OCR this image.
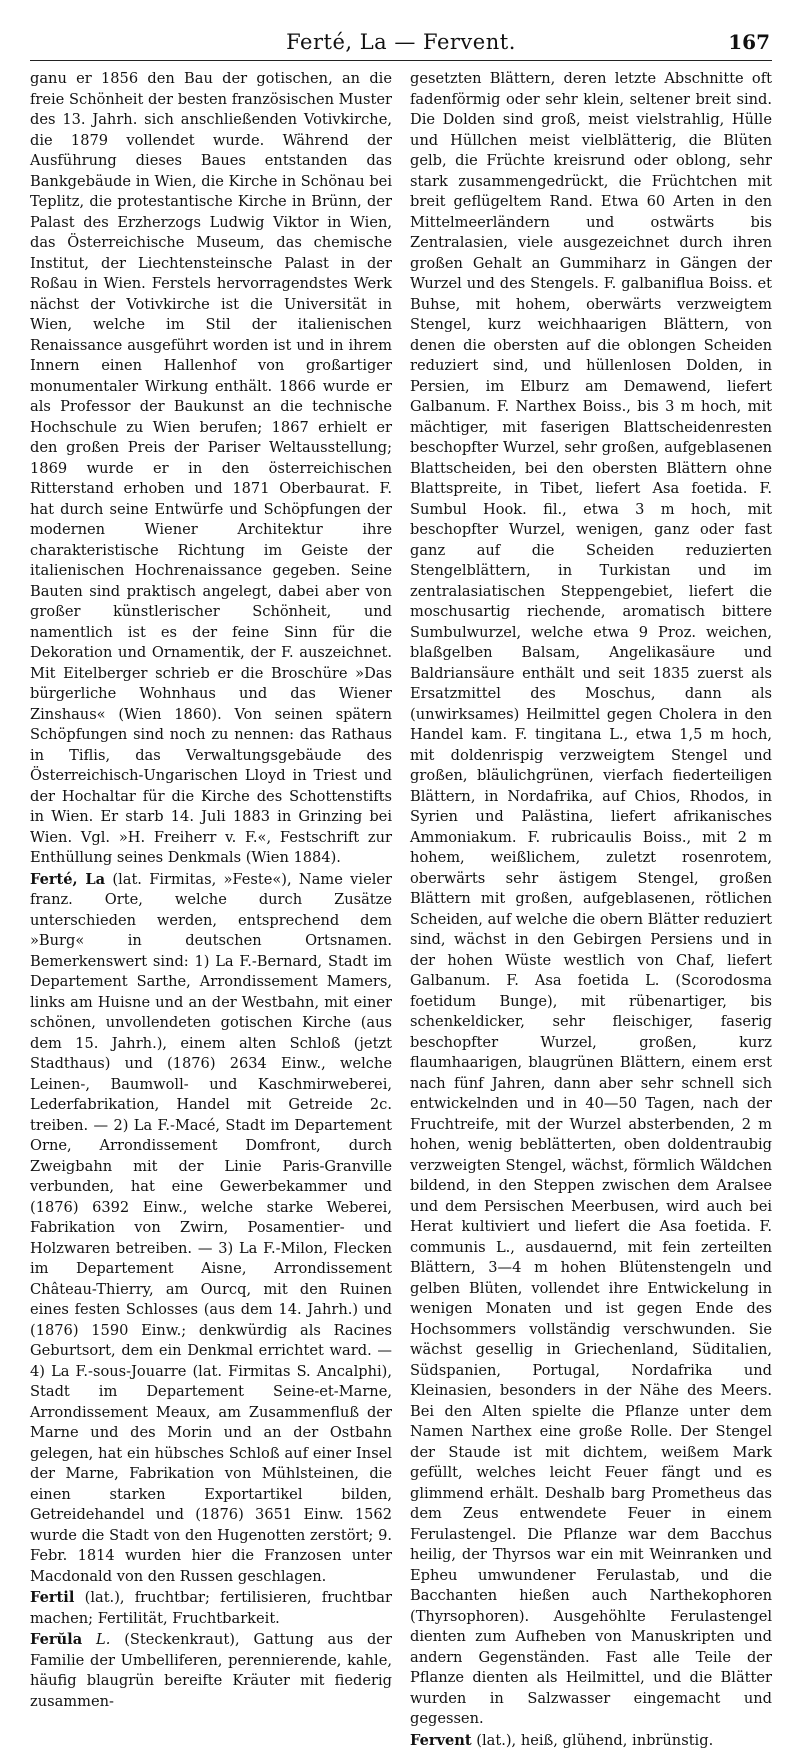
Ferté, La — Fervent.	167

ganu er 1856 den Bau der gotischen, an die freie Schönheit der besten französischen Muster des 13. Jahrh. sich anschließenden Votivkirche, die 1879 vollendet wurde. Während der Ausführung dieses Baues entstanden das Bankgebäude in Wien, die Kirche in Schönau bei Teplitz, die protestantische Kirche in Brünn, der Palast des Erzherzogs Ludwig Viktor in Wien, das Österreichische Museum, das chemische Institut, der Liechtensteinsche Palast in der Roßau in Wien. Ferstels hervorragendstes Werk nächst der Votivkirche ist die Universität in Wien, welche im Stil der italienischen Renaissance ausgeführt worden ist und in ihrem Innern einen Hallenhof von großartiger monumentaler Wirkung enthält. 1866 wurde er als Professor der Baukunst an die technische Hochschule zu Wien berufen; 1867 erhielt er den großen Preis der Pariser Weltausstellung; 1869 wurde er in den österreichischen Ritterstand erhoben und 1871 Oberbaurat. F. hat durch seine Entwürfe und Schöpfungen der modernen Wiener Architektur ihre charakteristische Richtung im Geiste der italienischen Hochrenaissance gegeben. Seine Bauten sind praktisch angelegt, dabei aber von großer künstlerischer Schönheit, und namentlich ist es der feine Sinn für die Dekoration und Ornamentik, der F. auszeichnet. Mit Eitelberger schrieb er die Broschüre »Das bürgerliche Wohnhaus und das Wiener Zinshaus« (Wien 1860). Von seinen spätern Schöpfungen sind noch zu nennen: das Rathaus in Tiflis, das Verwaltungsgebäude des Österreichisch-Ungarischen Lloyd in Triest und der Hochaltar für die Kirche des Schottenstifts in Wien. Er starb 14. Juli 1883 in Grinzing bei Wien. Vgl. »H. Freiherr v. F.«, Festschrift zur Enthüllung seines Denkmals (Wien 1884).

Ferté, La (lat. Firmitas, »Feste«), Name vieler franz. Orte, welche durch Zusätze unterschieden werden, entsprechend dem »Burg« in deutschen Ortsnamen. Bemerkenswert sind: 1) La F.-Bernard, Stadt im Departement Sarthe, Arrondissement Mamers, links am Huisne und an der Westbahn, mit einer schönen, unvollendeten gotischen Kirche (aus dem 15. Jahrh.), einem alten Schloß (jetzt Stadthaus) und (1876) 2634 Einw., welche Leinen-, Baumwoll- und Kaschmirweberei, Lederfabrikation, Handel mit Getreide 2c. treiben. — 2) La F.-Macé, Stadt im Departement Orne, Arrondissement Domfront, durch Zweigbahn mit der Linie Paris-Granville verbunden, hat eine Gewerbekammer und (1876) 6392 Einw., welche starke Weberei, Fabrikation von Zwirn, Posamentier- und Holzwaren betreiben. — 3) La F.-Milon, Flecken im Departement Aisne, Arrondissement Château-Thierry, am Ourcq, mit den Ruinen eines festen Schlosses (aus dem 14. Jahrh.) und (1876) 1590 Einw.; denkwürdig als Racines Geburtsort, dem ein Denkmal errichtet ward. — 4) La F.-sous-Jouarre (lat. Firmitas S. Ancalphi), Stadt im Departement Seine-et-Marne, Arrondissement Meaux, am Zusammenfluß der Marne und des Morin und an der Ostbahn gelegen, hat ein hübsches Schloß auf einer Insel der Marne, Fabrikation von Mühlsteinen, die einen starken Exportartikel bilden, Getreidehandel und (1876) 3651 Einw. 1562 wurde die Stadt von den Hugenotten zerstört; 9. Febr. 1814 wurden hier die Franzosen unter Macdonald von den Russen geschlagen.

Fertil (lat.), fruchtbar; fertilisieren, fruchtbar machen; Fertilität, Fruchtbarkeit.

Ferŭla L. (Steckenkraut), Gattung aus der Familie der Umbelliferen, perennierende, kahle, häufig blaugrün bereifte Kräuter mit fiederig zusammen-

gesetzten Blättern, deren letzte Abschnitte oft fadenförmig oder sehr klein, seltener breit sind. Die Dolden sind groß, meist vielstrahlig, Hülle und Hüllchen meist vielblätterig, die Blüten gelb, die Früchte kreisrund oder oblong, sehr stark zusammengedrückt, die Früchtchen mit breit geflügeltem Rand. Etwa 60 Arten in den Mittelmeerländern und ostwärts bis Zentralasien, viele ausgezeichnet durch ihren großen Gehalt an Gummiharz in Gängen der Wurzel und des Stengels. F. galbaniflua Boiss. et Buhse, mit hohem, oberwärts verzweigtem Stengel, kurz weichhaarigen Blättern, von denen die obersten auf die oblongen Scheiden reduziert sind, und hüllenlosen Dolden, in Persien, im Elburz am Demawend, liefert Galbanum. F. Narthex Boiss., bis 3 m hoch, mit mächtiger, mit faserigen Blattscheidenresten beschopfter Wurzel, sehr großen, aufgeblasenen Blattscheiden, bei den obersten Blättern ohne Blattspreite, in Tibet, liefert Asa foetida. F. Sumbul Hook. fil., etwa 3 m hoch, mit beschopfter Wurzel, wenigen, ganz oder fast ganz auf die Scheiden reduzierten Stengelblättern, in Turkistan und im zentralasiatischen Steppengebiet, liefert die moschusartig riechende, aromatisch bittere Sumbulwurzel, welche etwa 9 Proz. weichen, blaßgelben Balsam, Angelikasäure und Baldriansäure enthält und seit 1835 zuerst als Ersatzmittel des Moschus, dann als (unwirksames) Heilmittel gegen Cholera in den Handel kam. F. tingitana L., etwa 1,5 m hoch, mit doldenrispig verzweigtem Stengel und großen, bläulichgrünen, vierfach fiederteiligen Blättern, in Nordafrika, auf Chios, Rhodos, in Syrien und Palästina, liefert afrikanisches Ammoniakum. F. rubricaulis Boiss., mit 2 m hohem, weißlichem, zuletzt rosenrotem, oberwärts sehr ästigem Stengel, großen Blättern mit großen, aufgeblasenen, rötlichen Scheiden, auf welche die obern Blätter reduziert sind, wächst in den Gebirgen Persiens und in der hohen Wüste westlich von Chaf, liefert Galbanum. F. Asa foetida L. (Scorodosma foetidum Bunge), mit rübenartiger, bis schenkeldicker, sehr fleischiger, faserig beschopfter Wurzel, großen, kurz flaumhaarigen, blaugrünen Blättern, einem erst nach fünf Jahren, dann aber sehr schnell sich entwickelnden und in 40—50 Tagen, nach der Fruchtreife, mit der Wurzel absterbenden, 2 m hohen, wenig beblätterten, oben doldentraubig verzweigten Stengel, wächst, förmlich Wäldchen bildend, in den Steppen zwischen dem Aralsee und dem Persischen Meerbusen, wird auch bei Herat kultiviert und liefert die Asa foetida. F. communis L., ausdauernd, mit fein zerteilten Blättern, 3—4 m hohen Blütenstengeln und gelben Blüten, vollendet ihre Entwickelung in wenigen Monaten und ist gegen Ende des Hochsommers vollständig verschwunden. Sie wächst gesellig in Griechenland, Süditalien, Südspanien, Portugal, Nordafrika und Kleinasien, besonders in der Nähe des Meers. Bei den Alten spielte die Pflanze unter dem Namen Narthex eine große Rolle. Der Stengel der Staude ist mit dichtem, weißem Mark gefüllt, welches leicht Feuer fängt und es glimmend erhält. Deshalb barg Prometheus das dem Zeus entwendete Feuer in einem Ferulastengel. Die Pflanze war dem Bacchus heilig, der Thyrsos war ein mit Weinranken und Epheu umwundener Ferulastab, und die Bacchanten hießen auch Narthekophoren (Thyrsophoren). Ausgehöhlte Ferulastengel dienten zum Aufheben von Manuskripten und andern Gegenständen. Fast alle Teile der Pflanze dienten als Heilmittel, und die Blätter wurden in Salzwasser eingemacht und gegessen.

Fervent (lat.), heiß, glühend, inbrünstig.
